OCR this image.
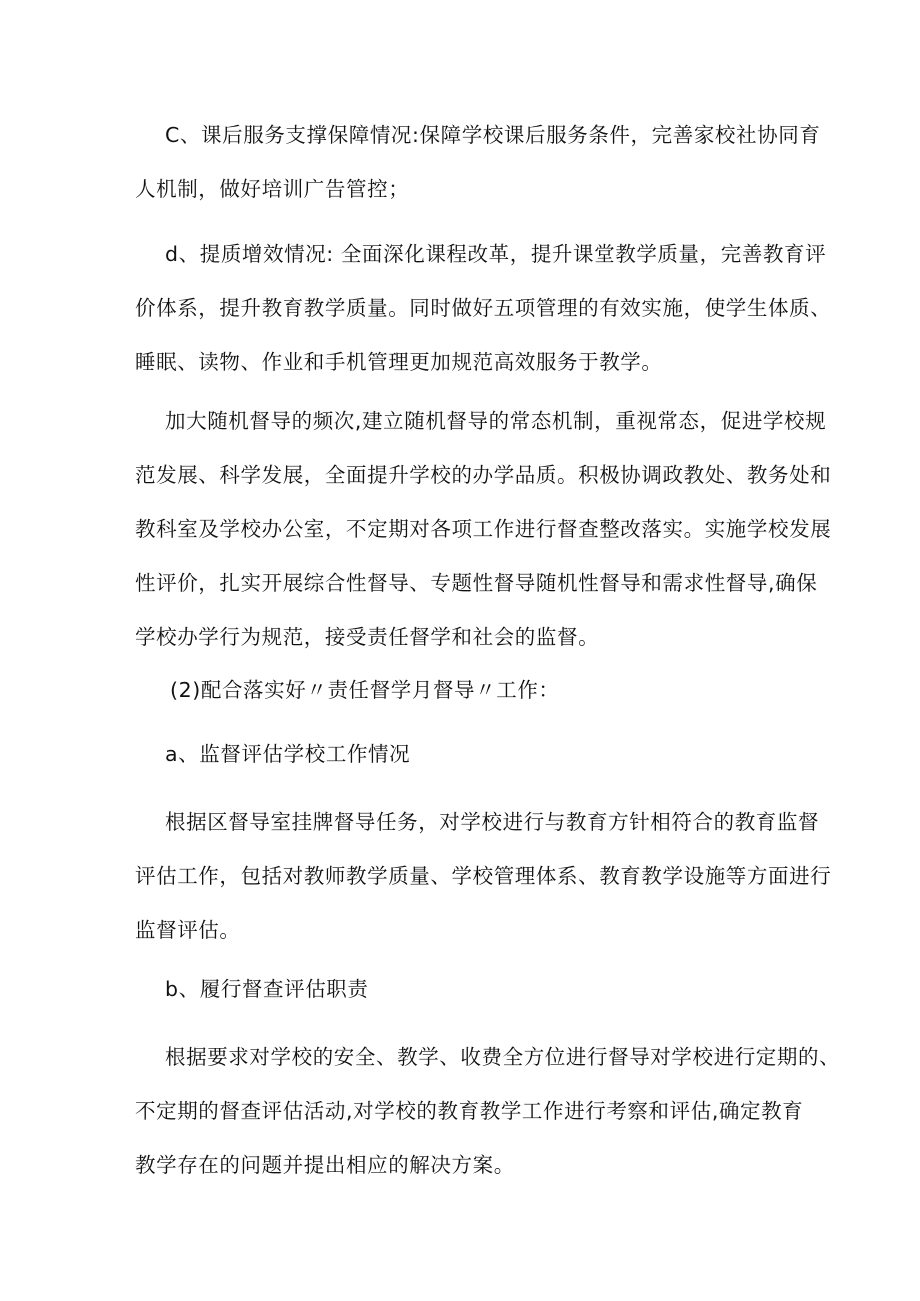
C、课后服务支撑保障情况:保障学校课后服务条件，完善家校社协同育
人机制，做好培训广告管控；

d、提质增效情况: 全面深化课程改革，提升课堂教学质量，完善教育评
价体系，提升教育教学质量。同时做好五项管理的有效实施，使学生体质、
睡眠、读物、作业和手机管理更加规范高效服务于教学。

加大随机督导的频次,建立随机督导的常态机制，重视常态，促进学校规
范发展、科学发展，全面提升学校的办学品质。积极协调政教处、教务处和
教科室及学校办公室，不定期对各项工作进行督查整改落实。实施学校发展
性评价，扎实开展综合性督导、专题性督导随机性督导和需求性督导,确保
学校办学行为规范，接受责任督学和社会的监督。

(2)配合落实好〃责任督学月督导〃工作：

a、监督评估学校工作情况

根据区督导室挂牌督导任务，对学校进行与教育方针相符合的教育监督
评估工作，包括对教师教学质量、学校管理体系、教育教学设施等方面进行
监督评估。

b、履行督查评估职责

根据要求对学校的安全、教学、收费全方位进行督导对学校进行定期的、
不定期的督查评估活动,对学校的教育教学工作进行考察和评估,确定教育
教学存在的问题并提出相应的解决方案。
